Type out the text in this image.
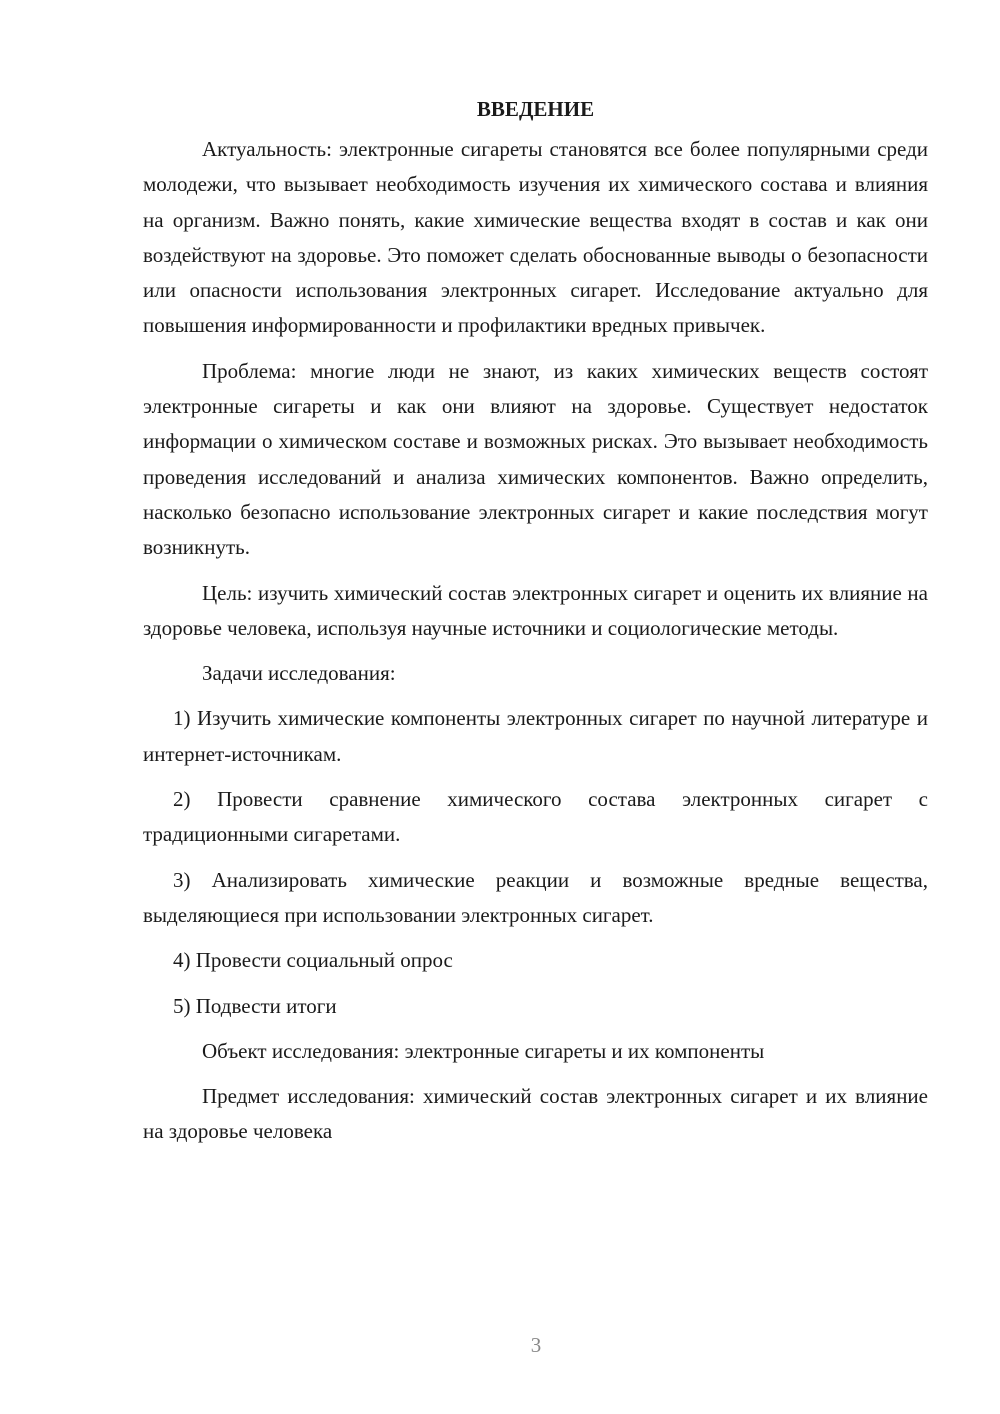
ВВЕДЕНИЕ

Актуальность: электронные сигареты становятся все более популярными среди молодежи, что вызывает необходимость изучения их химического состава и влияния на организм. Важно понять, какие химические вещества входят в состав и как они воздействуют на здоровье. Это поможет сделать обоснованные выводы о безопасности или опасности использования электронных сигарет. Исследование актуально для повышения информированности и профилактики вредных привычек.

Проблема: многие люди не знают, из каких химических веществ состоят электронные сигареты и как они влияют на здоровье. Существует недостаток информации о химическом составе и возможных рисках. Это вызывает необходимость проведения исследований и анализа химических компонентов. Важно определить, насколько безопасно использование электронных сигарет и какие последствия могут возникнуть.

Цель: изучить химический состав электронных сигарет и оценить их влияние на здоровье человека, используя научные источники и социологические методы.

Задачи исследования:

1) Изучить химические компоненты электронных сигарет по научной литературе и интернет-источникам.

2) Провести сравнение химического состава электронных сигарет с традиционными сигаретами.

3) Анализировать химические реакции и возможные вредные вещества, выделяющиеся при использовании электронных сигарет.

4) Провести социальный опрос

5) Подвести итоги

Объект исследования: электронные сигареты и их компоненты

Предмет исследования: химический состав электронных сигарет и их влияние на здоровье человека

3
